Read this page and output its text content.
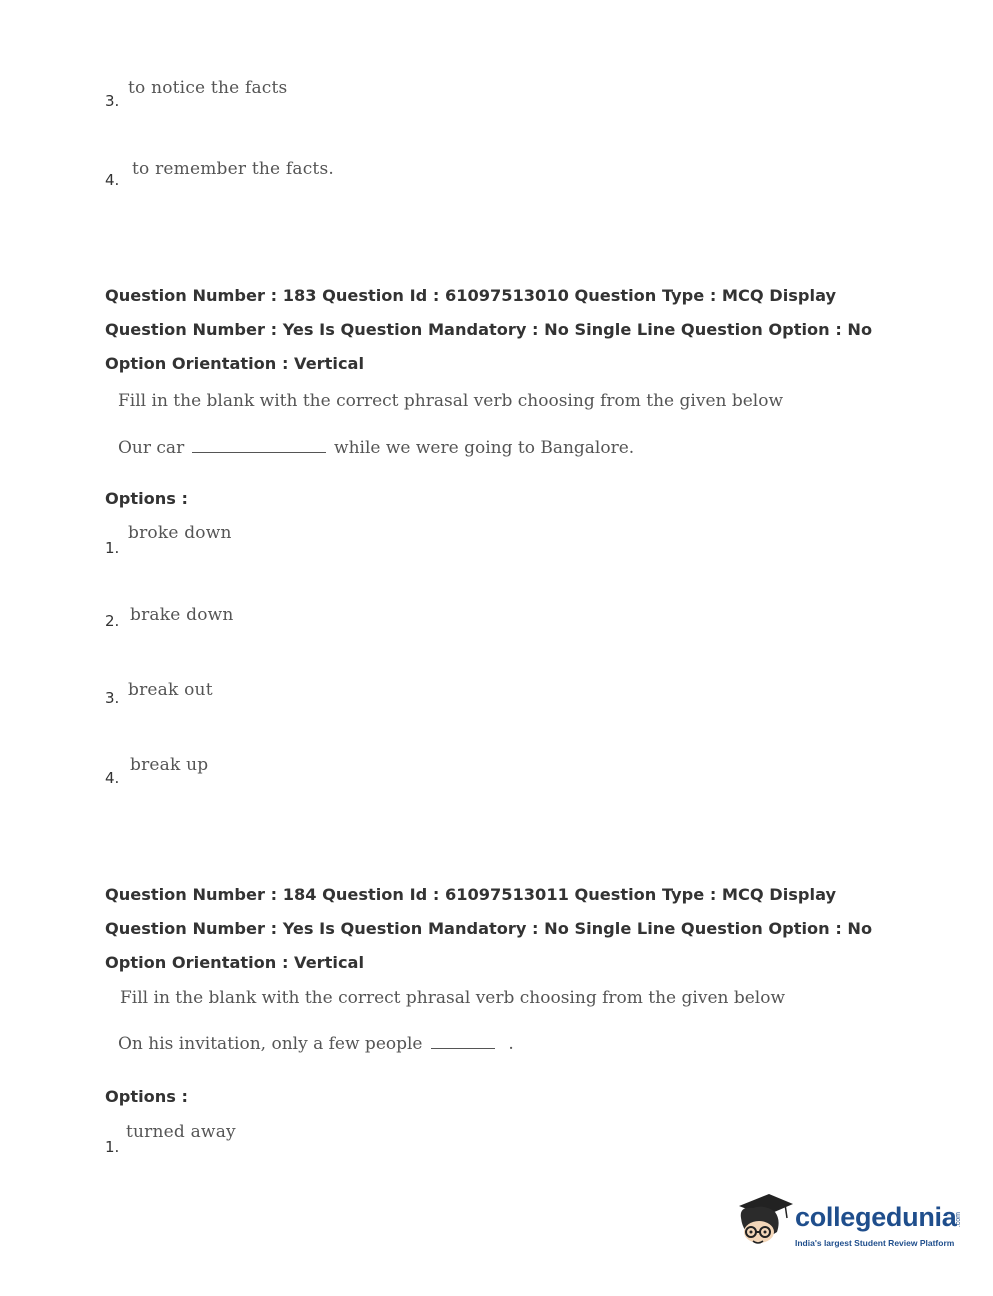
to notice the facts
3.
to remember the facts.
4.

Question Number : 183 Question Id : 61097513010 Question Type : MCQ Display Question Number : Yes Is Question Mandatory : No Single Line Question Option : No Option Orientation : Vertical

Fill in the blank with the correct phrasal verb choosing from the given below
Our car	while we were going to Bangalore.
Options :
broke down
1.
brake down
2.
break out
3.
break up
4.

Question Number : 184 Question Id : 61097513011 Question Type : MCQ Display Question Number : Yes Is Question Mandatory : No Single Line Question Option : No Option Orientation : Vertical

Fill in the blank with the correct phrasal verb choosing from the given below
On his invitation, only a few people	.
Options :
turned away
1.
collegedunia
.com
India's largest Student Review Platform
